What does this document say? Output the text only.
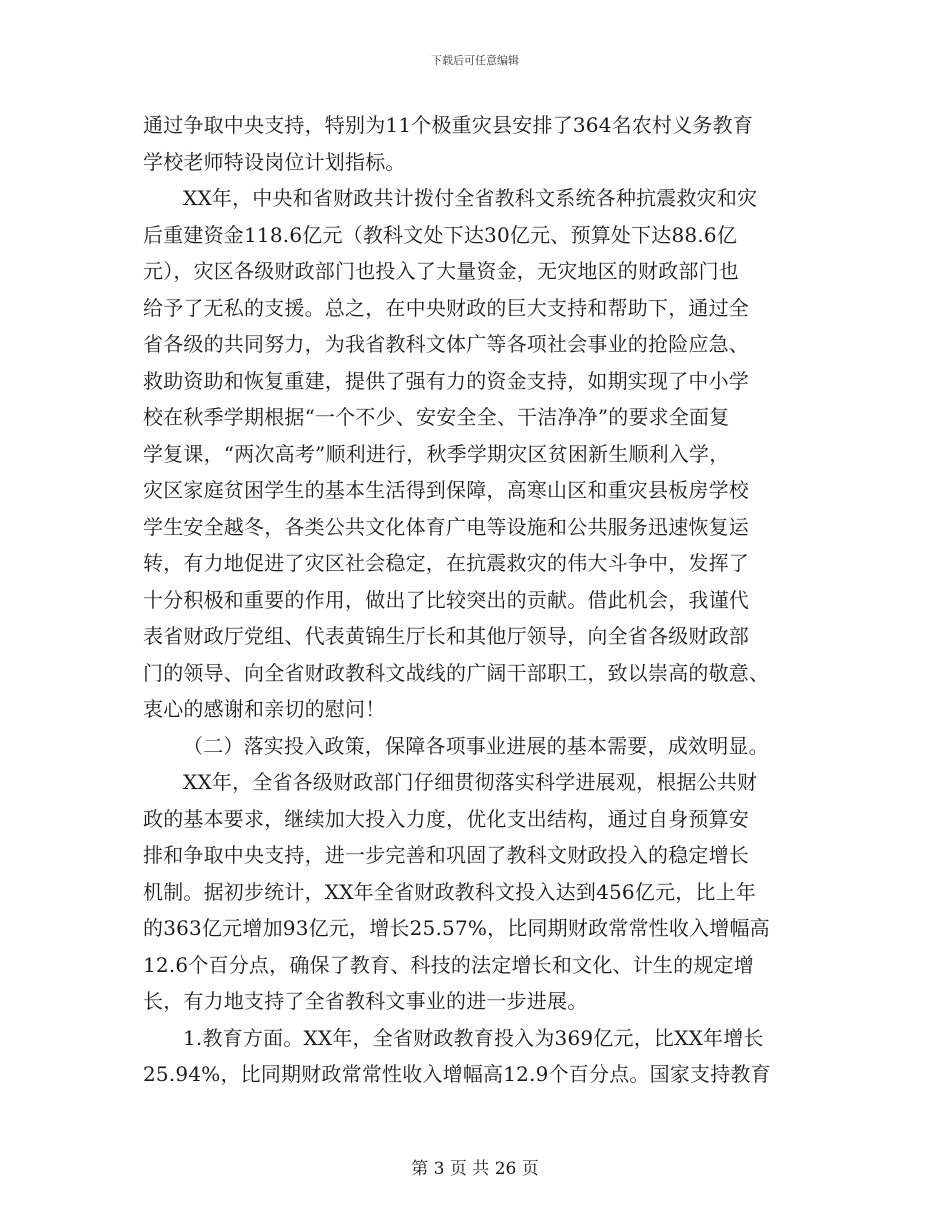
下载后可任意编辑
通过争取中央支持，特别为11个极重灾县安排了364名农村义务教育
学校老师特设岗位计划指标。
XX年，中央和省财政共计拨付全省教科文系统各种抗震救灾和灾
后重建资金118.6亿元（教科文处下达30亿元、预算处下达88.6亿
元），灾区各级财政部门也投入了大量资金，无灾地区的财政部门也
给予了无私的支援。总之，在中央财政的巨大支持和帮助下，通过全
省各级的共同努力，为我省教科文体广等各项社会事业的抢险应急、
救助资助和恢复重建，提供了强有力的资金支持，如期实现了中小学
校在秋季学期根据“一个不少、安安全全、干洁净净”的要求全面复
学复课，“两次高考”顺利进行，秋季学期灾区贫困新生顺利入学，
灾区家庭贫困学生的基本生活得到保障，高寒山区和重灾县板房学校
学生安全越冬，各类公共文化体育广电等设施和公共服务迅速恢复运
转，有力地促进了灾区社会稳定，在抗震救灾的伟大斗争中，发挥了
十分积极和重要的作用，做出了比较突出的贡献。借此机会，我谨代
表省财政厅党组、代表黄锦生厅长和其他厅领导，向全省各级财政部
门的领导、向全省财政教科文战线的广阔干部职工，致以崇高的敬意、
衷心的感谢和亲切的慰问！
（二）落实投入政策，保障各项事业进展的基本需要，成效明显。
XX年，全省各级财政部门仔细贯彻落实科学进展观，根据公共财
政的基本要求，继续加大投入力度，优化支出结构，通过自身预算安
排和争取中央支持，进一步完善和巩固了教科文财政投入的稳定增长
机制。据初步统计，XX年全省财政教科文投入达到456亿元，比上年
的363亿元增加93亿元，增长25.57%，比同期财政常常性收入增幅高
12.6个百分点，确保了教育、科技的法定增长和文化、计生的规定增
长，有力地支持了全省教科文事业的进一步进展。
1.教育方面。XX年，全省财政教育投入为369亿元，比XX年增长
25.94%，比同期财政常常性收入增幅高12.9个百分点。国家支持教育
第 3 页 共 26 页
